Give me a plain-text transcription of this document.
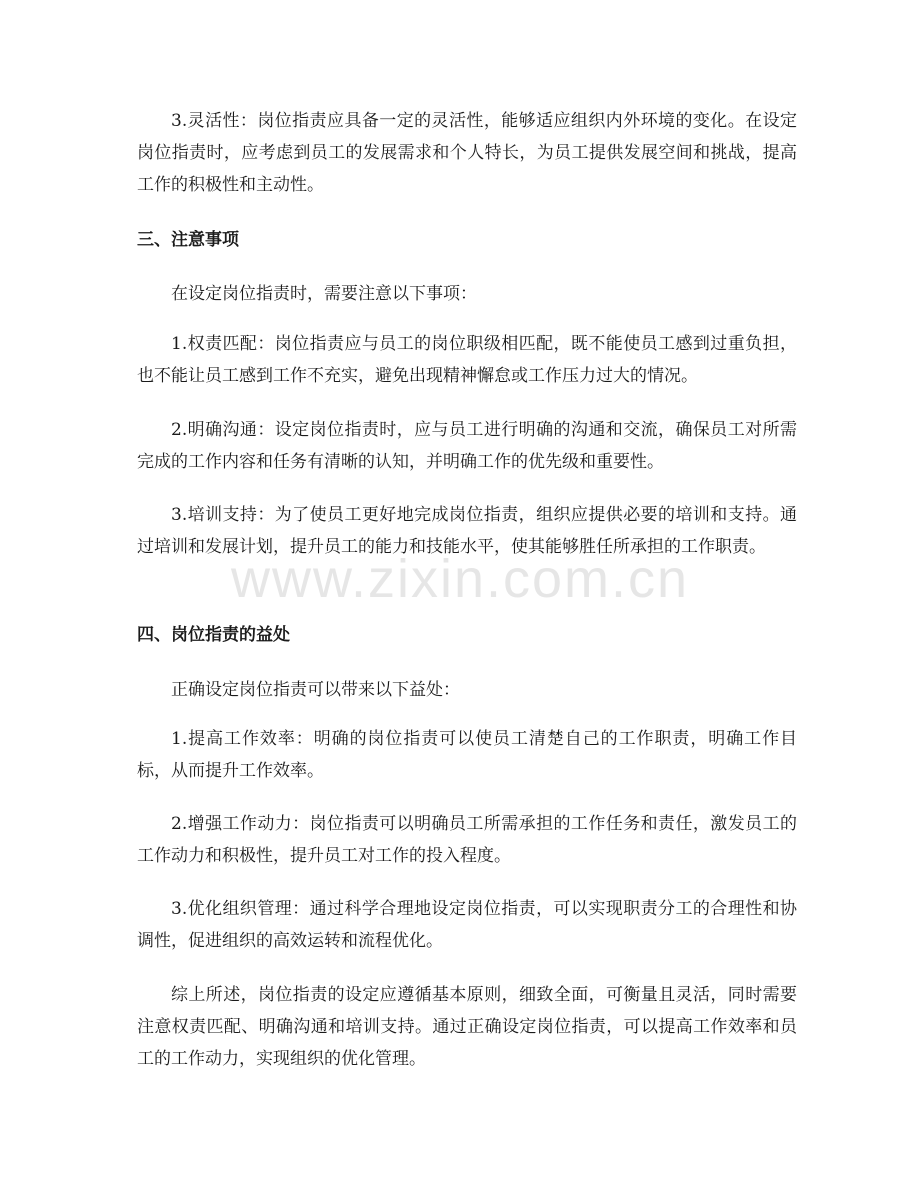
3.灵活性：岗位指责应具备一定的灵活性，能够适应组织内外环境的变化。在设定岗位指责时，应考虑到员工的发展需求和个人特长，为员工提供发展空间和挑战，提高工作的积极性和主动性。

三、注意事项

在设定岗位指责时，需要注意以下事项：

1.权责匹配：岗位指责应与员工的岗位职级相匹配，既不能使员工感到过重负担，也不能让员工感到工作不充实，避免出现精神懈怠或工作压力过大的情况。

2.明确沟通：设定岗位指责时，应与员工进行明确的沟通和交流，确保员工对所需完成的工作内容和任务有清晰的认知，并明确工作的优先级和重要性。

3.培训支持：为了使员工更好地完成岗位指责，组织应提供必要的培训和支持。通过培训和发展计划，提升员工的能力和技能水平，使其能够胜任所承担的工作职责。

四、岗位指责的益处

正确设定岗位指责可以带来以下益处：

1.提高工作效率：明确的岗位指责可以使员工清楚自己的工作职责，明确工作目标，从而提升工作效率。

2.增强工作动力：岗位指责可以明确员工所需承担的工作任务和责任，激发员工的工作动力和积极性，提升员工对工作的投入程度。

3.优化组织管理：通过科学合理地设定岗位指责，可以实现职责分工的合理性和协调性，促进组织的高效运转和流程优化。

综上所述，岗位指责的设定应遵循基本原则，细致全面，可衡量且灵活，同时需要注意权责匹配、明确沟通和培训支持。通过正确设定岗位指责，可以提高工作效率和员工的工作动力，实现组织的优化管理。

www.zixin.com.cn
